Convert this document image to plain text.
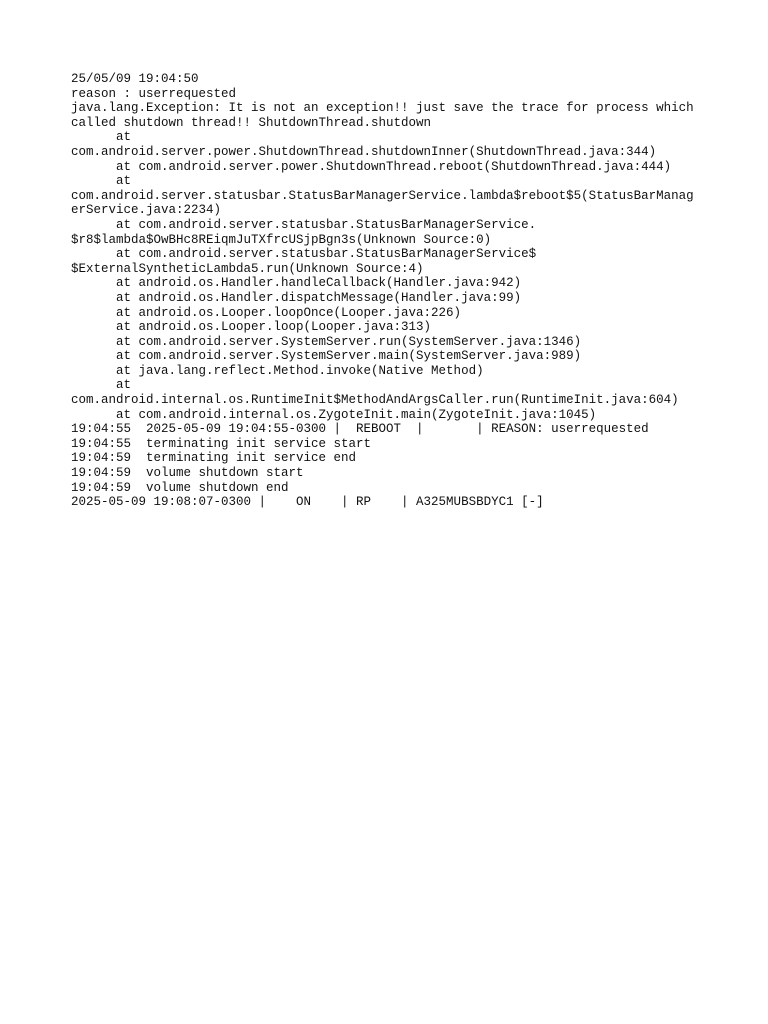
25/05/09 19:04:50
reason : userrequested
java.lang.Exception: It is not an exception!! just save the trace for process which
called shutdown thread!! ShutdownThread.shutdown
at
com.android.server.power.ShutdownThread.shutdownInner(ShutdownThread.java:344)
at com.android.server.power.ShutdownThread.reboot(ShutdownThread.java:444)
at
com.android.server.statusbar.StatusBarManagerService.lambda$reboot$5(StatusBarManag
erService.java:2234)
at com.android.server.statusbar.StatusBarManagerService.
$r8$lambda$OwBHc8REiqmJuTXfrcUSjpBgn3s(Unknown Source:0)
at com.android.server.statusbar.StatusBarManagerService$
$ExternalSyntheticLambda5.run(Unknown Source:4)
at android.os.Handler.handleCallback(Handler.java:942)
at android.os.Handler.dispatchMessage(Handler.java:99)
at android.os.Looper.loopOnce(Looper.java:226)
at android.os.Looper.loop(Looper.java:313)
at com.android.server.SystemServer.run(SystemServer.java:1346)
at com.android.server.SystemServer.main(SystemServer.java:989)
at java.lang.reflect.Method.invoke(Native Method)
at
com.android.internal.os.RuntimeInit$MethodAndArgsCaller.run(RuntimeInit.java:604)
at com.android.internal.os.ZygoteInit.main(ZygoteInit.java:1045)
19:04:55  2025-05-09 19:04:55-0300 |  REBOOT  |       | REASON: userrequested
19:04:55  terminating init service start
19:04:59  terminating init service end
19:04:59  volume shutdown start
19:04:59  volume shutdown end
2025-05-09 19:08:07-0300 |    ON    | RP    | A325MUBSBDYC1 [-]
